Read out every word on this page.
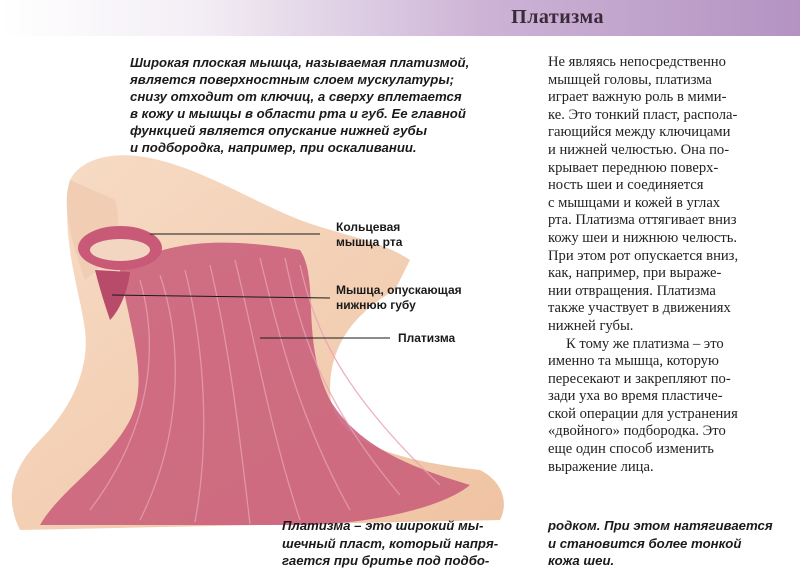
Платизма
Широкая плоская мышца, называемая платизмой,
является поверхностным слоем мускулатуры;
снизу отходит от ключиц, а сверху вплетается
в кожу и мышцы в области рта и губ. Ее главной
функцией является опускание нижней губы
и подбородка, например, при оскаливании.
Кольцевая
мышца рта
Мышца, опускающая
нижнюю губу
Платизма
Не являясь непосредственно
мышцей головы, платизма
играет важную роль в мими-
ке. Это тонкий пласт, распола-
гающийся между ключицами
и нижней челюстью. Она по-
крывает переднюю поверх-
ность шеи и соединяется
с мышцами и кожей в углах
рта. Платизма оттягивает вниз
кожу шеи и нижнюю челюсть.
При этом рот опускается вниз,
как, например, при выраже-
нии отвращения. Платизма
также участвует в движениях
нижней губы.
К тому же платизма – это
именно та мышца, которую
пересекают и закрепляют по-
зади уха во время пластиче-
ской операции для устранения
«двойного» подбородка. Это
еще один способ изменить
выражение лица.
Платизма – это широкий мы-
шечный пласт, который напря-
гается при бритье под подбо-
родком. При этом натягивается
и становится более тонкой
кожа шеи.
